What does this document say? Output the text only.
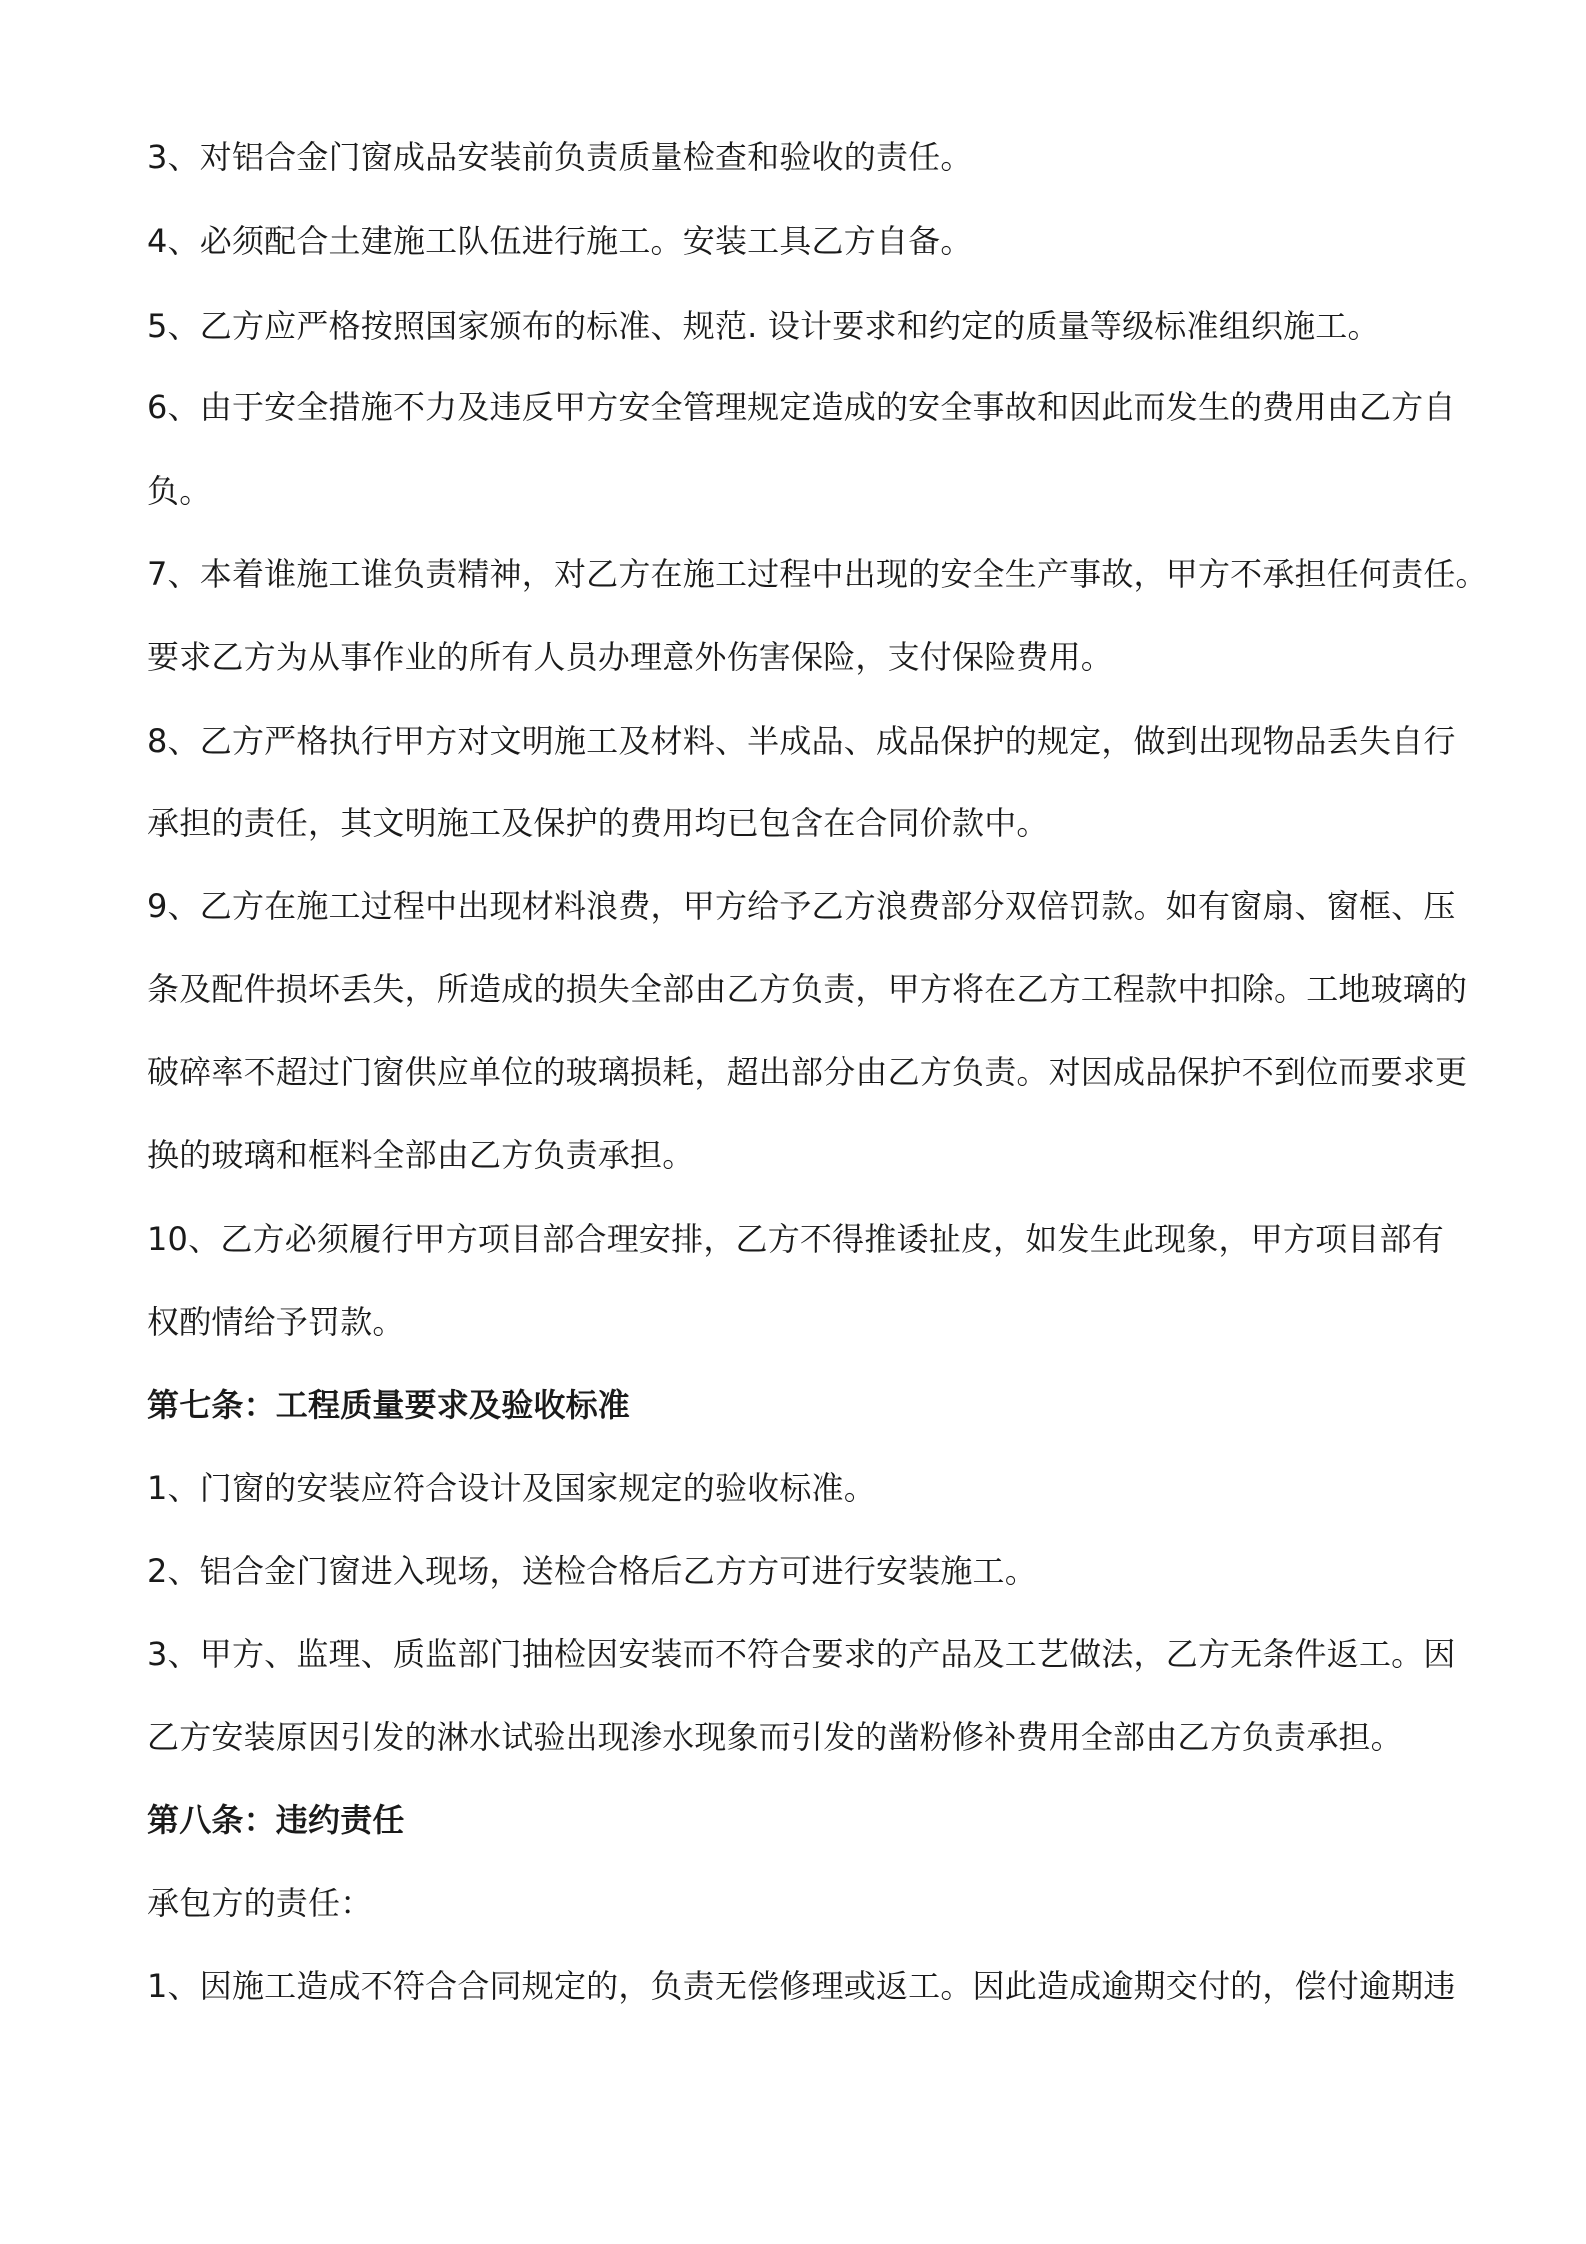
3、对铝合金门窗成品安装前负责质量检查和验收的责任。
4、必须配合土建施工队伍进行施工。安装工具乙方自备。
5、乙方应严格按照国家颁布的标准、规范. 设计要求和约定的质量等级标准组织施工。
6、由于安全措施不力及违反甲方安全管理规定造成的安全事故和因此而发生的费用由乙方自
负。
7、本着谁施工谁负责精神，对乙方在施工过程中出现的安全生产事故，甲方不承担任何责任。
要求乙方为从事作业的所有人员办理意外伤害保险，支付保险费用。
8、乙方严格执行甲方对文明施工及材料、半成品、成品保护的规定，做到出现物品丢失自行
承担的责任，其文明施工及保护的费用均已包含在合同价款中。
9、乙方在施工过程中出现材料浪费，甲方给予乙方浪费部分双倍罚款。如有窗扇、窗框、压
条及配件损坏丢失，所造成的损失全部由乙方负责，甲方将在乙方工程款中扣除。工地玻璃的
破碎率不超过门窗供应单位的玻璃损耗，超出部分由乙方负责。对因成品保护不到位而要求更
换的玻璃和框料全部由乙方负责承担。
10、乙方必须履行甲方项目部合理安排，乙方不得推诿扯皮，如发生此现象，甲方项目部有
权酌情给予罚款。
第七条：工程质量要求及验收标准
1、门窗的安装应符合设计及国家规定的验收标准。
2、铝合金门窗进入现场，送检合格后乙方方可进行安装施工。
3、甲方、监理、质监部门抽检因安装而不符合要求的产品及工艺做法，乙方无条件返工。因
乙方安装原因引发的淋水试验出现渗水现象而引发的凿粉修补费用全部由乙方负责承担。
第八条：违约责任
承包方的责任：
1、因施工造成不符合合同规定的，负责无偿修理或返工。因此造成逾期交付的，偿付逾期违
